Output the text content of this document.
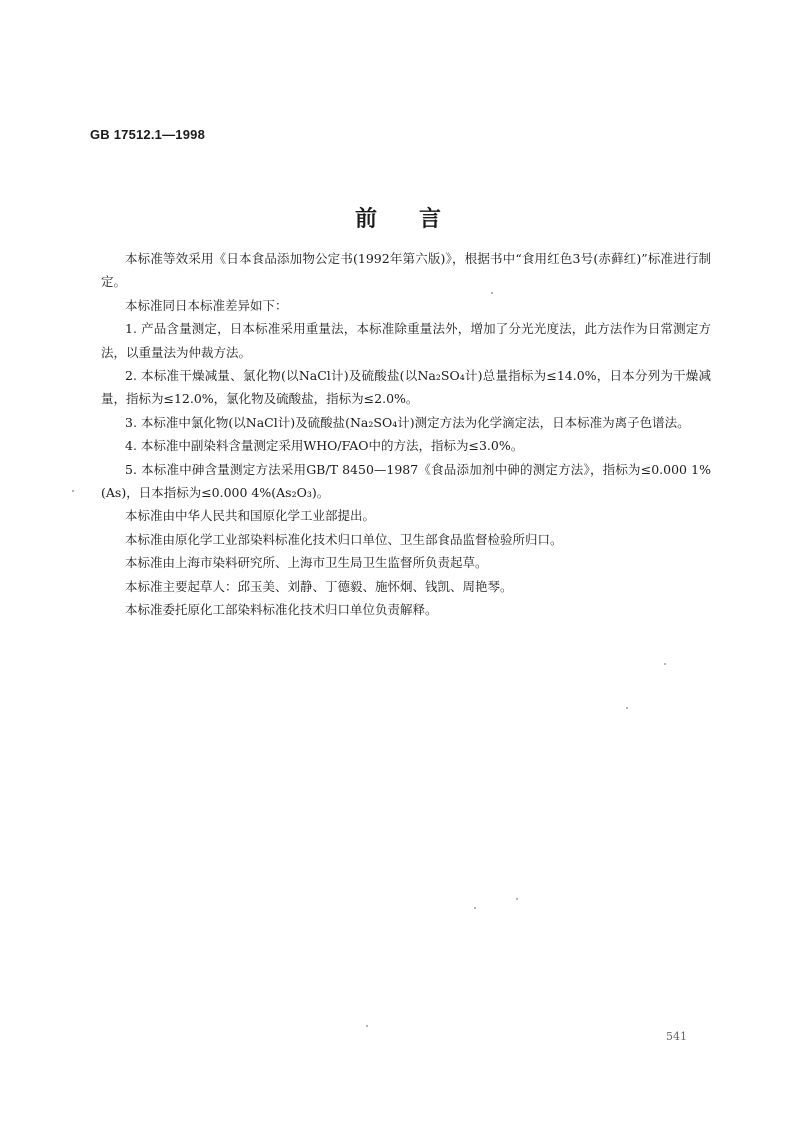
GB 17512.1—1998
前言

本标准等效采用《日本食品添加物公定书(1992年第六版)》，根据书中“食用红色3号(赤藓红)”标准进行制定。

本标准同日本标准差异如下：

1. 产品含量测定，日本标准采用重量法，本标准除重量法外，增加了分光光度法，此方法作为日常测定方法，以重量法为仲裁方法。

2. 本标准干燥减量、氯化物(以NaCl计)及硫酸盐(以Na₂SO₄计)总量指标为≤14.0%，日本分列为干燥减量，指标为≤12.0%，氯化物及硫酸盐，指标为≤2.0%。

3. 本标准中氯化物(以NaCl计)及硫酸盐(Na₂SO₄计)测定方法为化学滴定法，日本标准为离子色谱法。

4. 本标准中副染料含量测定采用WHO/FAO中的方法，指标为≤3.0%。

5. 本标准中砷含量测定方法采用GB/T 8450—1987《食品添加剂中砷的测定方法》，指标为≤0.000 1%(As)，日本指标为≤0.000 4%(As₂O₃)。

本标准由中华人民共和国原化学工业部提出。

本标准由原化学工业部染料标准化技术归口单位、卫生部食品监督检验所归口。

本标准由上海市染料研究所、上海市卫生局卫生监督所负责起草。

本标准主要起草人：邱玉美、刘静、丁德毅、施怀炯、钱凯、周艳琴。

本标准委托原化工部染料标准化技术归口单位负责解释。

541
